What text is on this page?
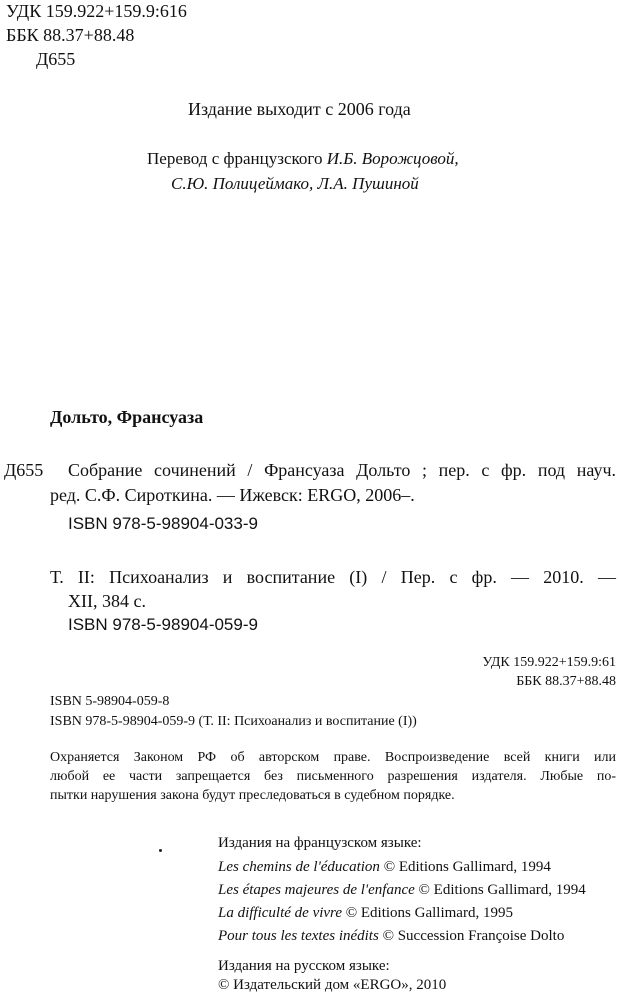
УДК 159.922+159.9:616
ББК 88.37+88.48
Д655
Издание выходит с 2006 года
Перевод с французского И.Б. Ворожцовой,
С.Ю. Полицеймако, Л.А. Пушиной
Дольто, Франсуаза
Д655 Собрание сочинений / Франсуаза Дольто ; пер. с фр. под науч.
ред. С.Ф. Сироткина. — Ижевск: ERGO, 2006–.
ISBN 978-5-98904-033-9
Т. II: Психоанализ и воспитание (I) / Пер. с фр. — 2010. —
XII, 384 с.
ISBN 978-5-98904-059-9
УДК 159.922+159.9:61
ББК 88.37+88.48
ISBN 5-98904-059-8
ISBN 978-5-98904-059-9 (Т. II: Психоанализ и воспитание (I))
Охраняется Законом РФ об авторском праве. Воспроизведение всей книги или
любой ее части запрещается без письменного разрешения издателя. Любые по-
пытки нарушения закона будут преследоваться в судебном порядке.
Издания на французском языке:
Les chemins de l'éducation © Editions Gallimard, 1994
Les étapes majeures de l'enfance © Editions Gallimard, 1994
La difficulté de vivre © Editions Gallimard, 1995
Pour tous les textes inédits © Succession Françoise Dolto
Издания на русском языке:
© Издательский дом «ERGO», 2010
